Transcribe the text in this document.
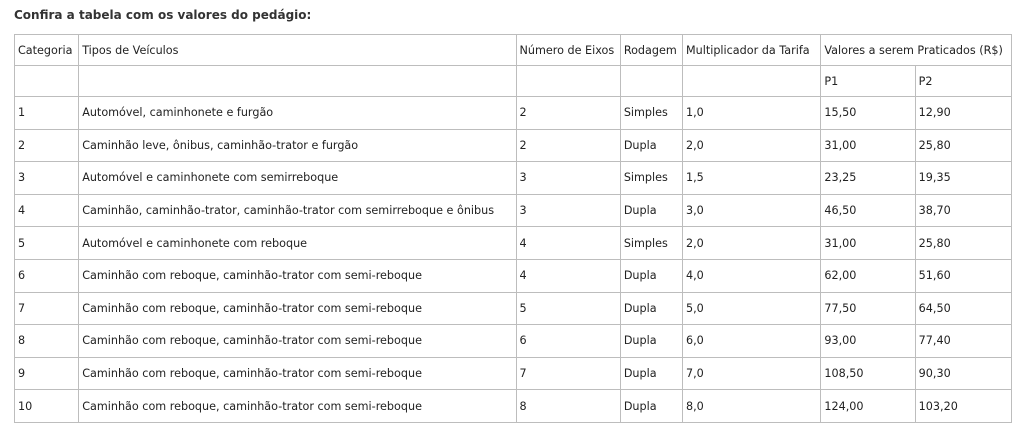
Confira a tabela com os valores do pedágio:
Categoria	Tipos de Veículos	Número de Eixos	Rodagem	Multiplicador da Tarifa	Valores a serem Praticados (R$)	
					P1	P2
1	Automóvel, caminhonete e furgão	2	Simples	1,0	15,50	12,90
2	Caminhão leve, ônibus, caminhão-trator e furgão	2	Dupla	2,0	31,00	25,80
3	Automóvel e caminhonete com semirreboque	3	Simples	1,5	23,25	19,35
4	Caminhão, caminhão-trator, caminhão-trator com semirreboque e ônibus	3	Dupla	3,0	46,50	38,70
5	Automóvel e caminhonete com reboque	4	Simples	2,0	31,00	25,80
6	Caminhão com reboque, caminhão-trator com semi-reboque	4	Dupla	4,0	62,00	51,60
7	Caminhão com reboque, caminhão-trator com semi-reboque	5	Dupla	5,0	77,50	64,50
8	Caminhão com reboque, caminhão-trator com semi-reboque	6	Dupla	6,0	93,00	77,40
9	Caminhão com reboque, caminhão-trator com semi-reboque	7	Dupla	7,0	108,50	90,30
10	Caminhão com reboque, caminhão-trator com semi-reboque	8	Dupla	8,0	124,00	103,20
